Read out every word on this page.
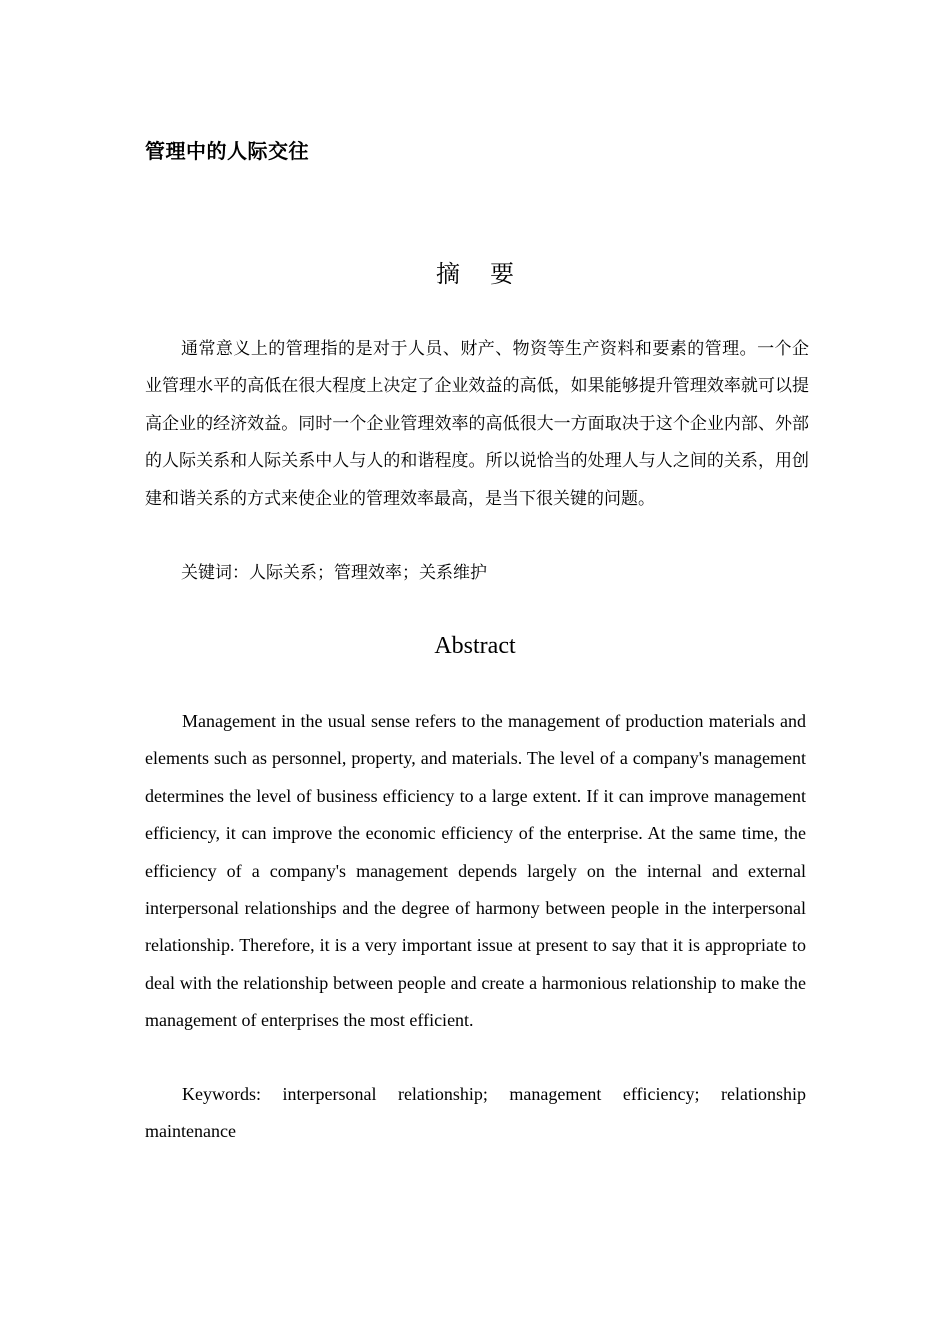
管理中的人际交往
摘 要

通常意义上的管理指的是对于人员、财产、物资等生产资料和要素的管理。一个企业管理水平的高低在很大程度上决定了企业效益的高低，如果能够提升管理效率就可以提高企业的经济效益。同时一个企业管理效率的高低很大一方面取决于这个企业内部、外部的人际关系和人际关系中人与人的和谐程度。所以说恰当的处理人与人之间的关系，用创建和谐关系的方式来使企业的管理效率最高，是当下很关键的问题。

关键词：人际关系；管理效率；关系维护

Abstract

Management in the usual sense refers to the management of production materials and elements such as personnel, property, and materials. The level of a company's management determines the level of business efficiency to a large extent. If it can improve management efficiency, it can improve the economic efficiency of the enterprise. At the same time, the efficiency of a company's management depends largely on the internal and external interpersonal relationships and the degree of harmony between people in the interpersonal relationship. Therefore, it is a very important issue at present to say that it is appropriate to deal with the relationship between people and create a harmonious relationship to make the management of enterprises the most efficient.

Keywords: interpersonal relationship; management efficiency; relationship maintenance
